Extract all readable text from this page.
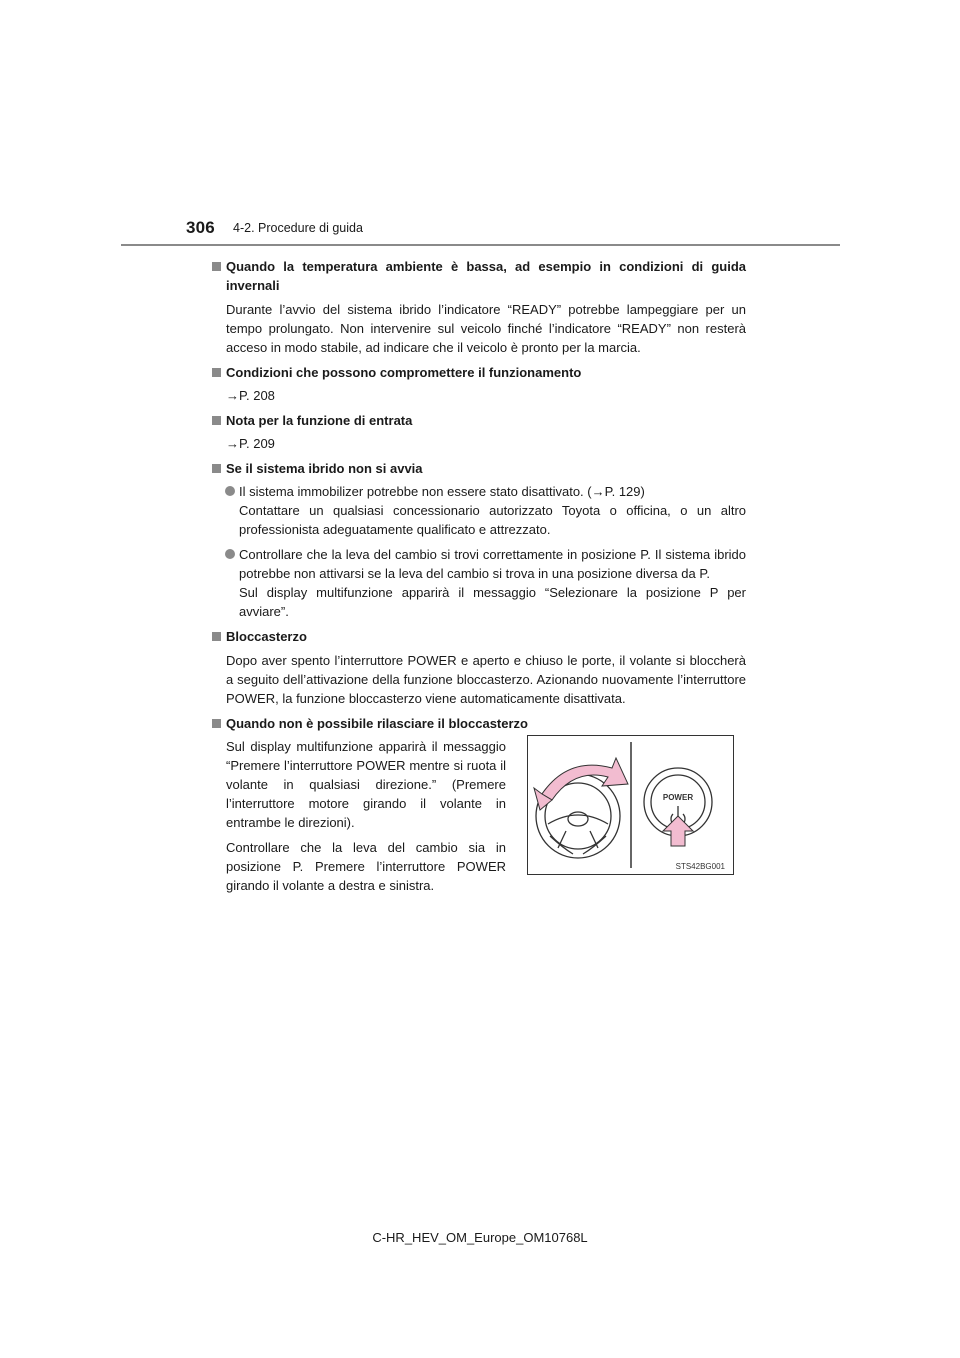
306 4-2. Procedure di guida
Quando la temperatura ambiente è bassa, ad esempio in condizioni di guida invernali
Durante l’avvio del sistema ibrido l’indicatore “READY” potrebbe lampeggiare per un tempo prolungato. Non intervenire sul veicolo finché l’indicatore “READY” non resterà acceso in modo stabile, ad indicare che il veicolo è pronto per la marcia.
Condizioni che possono compromettere il funzionamento
→P. 208
Nota per la funzione di entrata
→P. 209
Se il sistema ibrido non si avvia
Il sistema immobilizer potrebbe non essere stato disattivato. (→P. 129)
Contattare un qualsiasi concessionario autorizzato Toyota o officina, o un altro professionista adeguatamente qualificato e attrezzato.
Controllare che la leva del cambio si trovi correttamente in posizione P. Il sistema ibrido potrebbe non attivarsi se la leva del cambio si trova in una posizione diversa da P.
Sul display multifunzione apparirà il messaggio “Selezionare la posizione P per avviare”.
Bloccasterzo
Dopo aver spento l’interruttore POWER e aperto e chiuso le porte, il volante si bloccherà a seguito dell’attivazione della funzione bloccasterzo. Azionando nuovamente l’interruttore POWER, la funzione bloccasterzo viene automaticamente disattivata.
Quando non è possibile rilasciare il bloccasterzo
Sul display multifunzione apparirà il messaggio “Premere l’interruttore POWER mentre si ruota il volante in qualsiasi direzione.” (Premere l’interruttore motore girando il volante in entrambe le direzioni).
Controllare che la leva del cambio sia in posizione P. Premere l’interruttore POWER girando il volante a destra e sinistra.
POWER
STS42BG001
C-HR_HEV_OM_Europe_OM10768L
